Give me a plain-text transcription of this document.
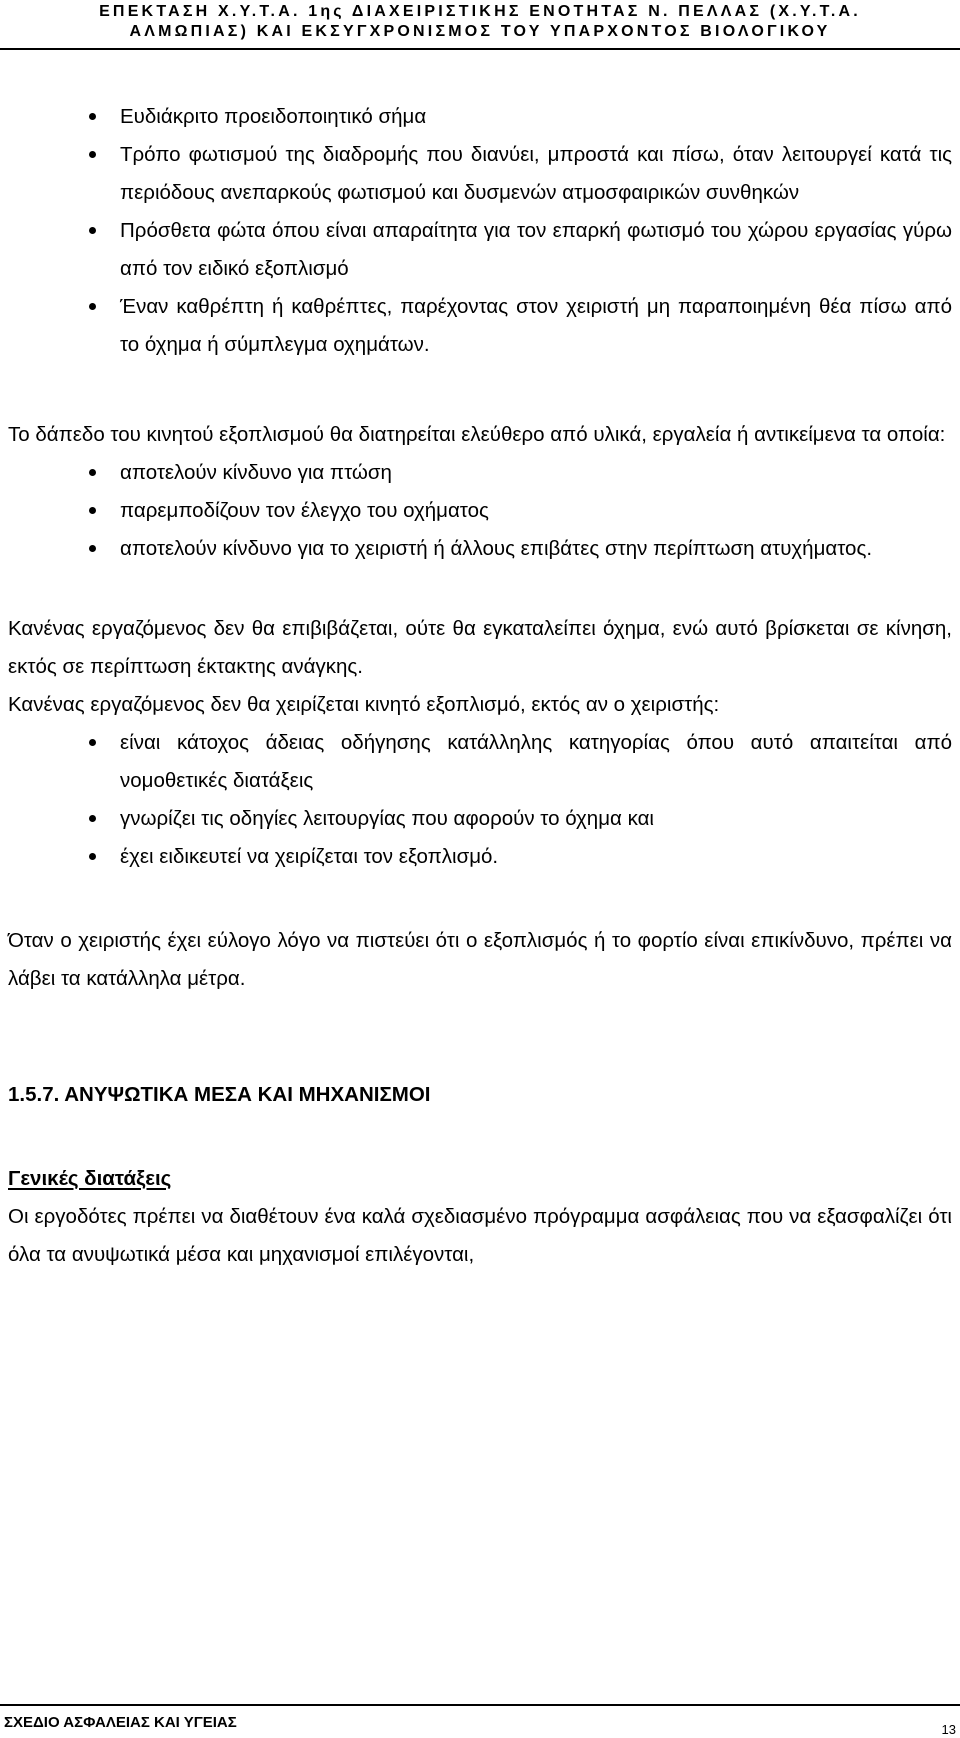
ΕΠΕΚΤΑΣΗ Χ.Υ.Τ.Α. 1ης ΔΙΑΧΕΙΡΙΣΤΙΚΗΣ ΕΝΟΤΗΤΑΣ Ν. ΠΕΛΛΑΣ (Χ.Υ.Τ.Α.
ΑΛΜΩΠΙΑΣ) ΚΑΙ ΕΚΣΥΓΧΡΟΝΙΣΜΟΣ ΤΟΥ ΥΠΑΡΧΟΝΤΟΣ ΒΙΟΛΟΓΙΚΟΥ
Ευδιάκριτο προειδοποιητικό σήμα
Τρόπο φωτισμού της διαδρομής που διανύει, μπροστά και πίσω, όταν λειτουργεί κατά τις περιόδους ανεπαρκούς φωτισμού και δυσμενών ατμοσφαιρικών συνθηκών
Πρόσθετα φώτα όπου είναι απαραίτητα για τον επαρκή φωτισμό του χώρου εργασίας γύρω από τον ειδικό εξοπλισμό
Έναν καθρέπτη ή καθρέπτες, παρέχοντας στον χειριστή μη παραποιημένη θέα πίσω από το όχημα ή σύμπλεγμα οχημάτων.

Το δάπεδο του κινητού εξοπλισμού θα διατηρείται ελεύθερο από υλικά, εργαλεία ή αντικείμενα τα οποία:

αποτελούν κίνδυνο για πτώση
παρεμποδίζουν τον έλεγχο του οχήματος
αποτελούν κίνδυνο για το χειριστή ή άλλους επιβάτες στην περίπτωση ατυχήματος.

Κανένας εργαζόμενος δεν θα επιβιβάζεται, ούτε θα εγκαταλείπει όχημα, ενώ αυτό βρίσκεται σε κίνηση, εκτός σε περίπτωση έκτακτης ανάγκης.

Κανένας εργαζόμενος δεν θα χειρίζεται κινητό εξοπλισμό, εκτός αν ο χειριστής:

είναι κάτοχος άδειας οδήγησης κατάλληλης κατηγορίας όπου αυτό απαιτείται από νομοθετικές διατάξεις
γνωρίζει τις οδηγίες λειτουργίας που αφορούν το όχημα και
έχει ειδικευτεί να χειρίζεται τον εξοπλισμό.

Όταν ο χειριστής έχει εύλογο λόγο να πιστεύει ότι ο εξοπλισμός ή το φορτίο είναι επικίνδυνο, πρέπει να λάβει τα κατάλληλα μέτρα.

1.5.7. ΑΝΥΨΩΤΙΚΑ ΜΕΣΑ ΚΑΙ ΜΗΧΑΝΙΣΜΟΙ

Γενικές διατάξεις

Οι εργοδότες πρέπει να διαθέτουν ένα καλά σχεδιασμένο πρόγραμμα ασφάλειας που να εξασφαλίζει ότι όλα τα ανυψωτικά μέσα και μηχανισμοί επιλέγονται,

ΣΧΕΔΙΟ ΑΣΦΑΛΕΙΑΣ ΚΑΙ ΥΓΕΙΑΣ	13
